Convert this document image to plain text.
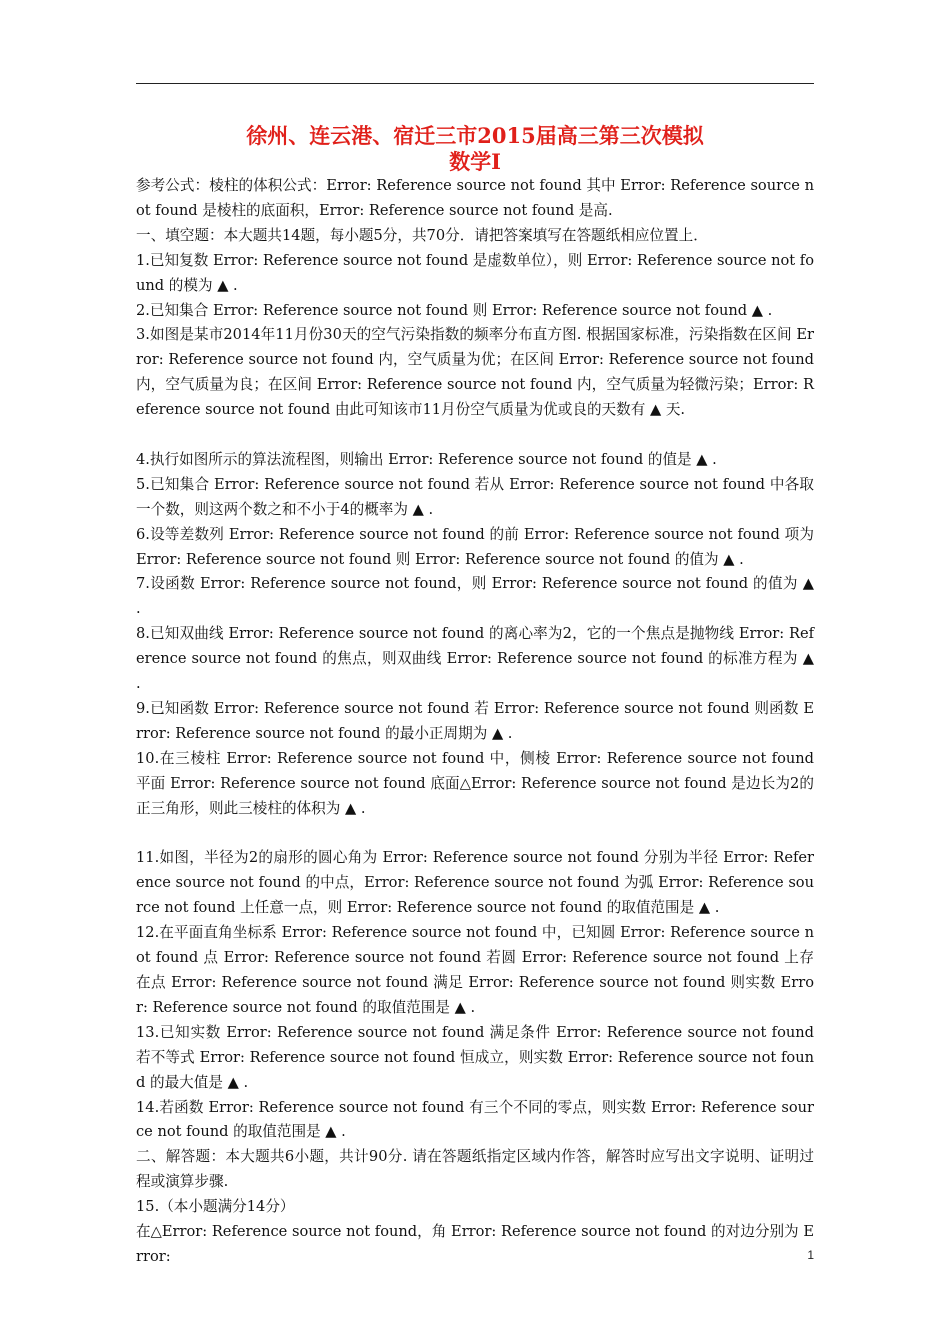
徐州、连云港、宿迁三市2015届高三第三次模拟
数学Ⅰ

参考公式：棱柱的体积公式：Error: Reference source not found 其中 Error: Reference source not found 是棱柱的底面积，Error: Reference source not found 是高.

一、填空题：本大题共14题，每小题5分，共70分．请把答案填写在答题纸相应位置上．

1.已知复数 Error: Reference source not found 是虚数单位），则 Error: Reference source not found 的模为 ▲ .

2.已知集合 Error: Reference source not found 则 Error: Reference source not found ▲ .

3.如图是某市2014年11月份30天的空气污染指数的频率分布直方图. 根据国家标准，污染指数在区间 Error: Reference source not found 内，空气质量为优；在区间 Error: Reference source not found 内，空气质量为良；在区间 Error: Reference source not found 内，空气质量为轻微污染；Error: Reference source not found 由此可知该市11月份空气质量为优或良的天数有 ▲ 天.

4.执行如图所示的算法流程图，则输出 Error: Reference source not found 的值是 ▲ .

5.已知集合 Error: Reference source not found 若从 Error: Reference source not found 中各取一个数，则这两个数之和不小于4的概率为 ▲ .

6.设等差数列 Error: Reference source not found 的前 Error: Reference source not found 项为 Error: Reference source not found 则 Error: Reference source not found 的值为 ▲ .

7.设函数 Error: Reference source not found，则 Error: Reference source not found 的值为 ▲ .

8.已知双曲线 Error: Reference source not found 的离心率为2，它的一个焦点是抛物线 Error: Reference source not found 的焦点，则双曲线 Error: Reference source not found 的标准方程为 ▲ .

9.已知函数 Error: Reference source not found 若 Error: Reference source not found 则函数 Error: Reference source not found 的最小正周期为 ▲ .

10.在三棱柱 Error: Reference source not found 中，侧棱 Error: Reference source not found 平面 Error: Reference source not found 底面△Error: Reference source not found 是边长为2的正三角形，则此三棱柱的体积为 ▲ .

11.如图，半径为2的扇形的圆心角为 Error: Reference source not found 分别为半径 Error: Reference source not found 的中点，Error: Reference source not found 为弧 Error: Reference source not found 上任意一点，则 Error: Reference source not found 的取值范围是 ▲ .

12.在平面直角坐标系 Error: Reference source not found 中，已知圆 Error: Reference source not found 点 Error: Reference source not found 若圆 Error: Reference source not found 上存在点 Error: Reference source not found 满足 Error: Reference source not found 则实数 Error: Reference source not found 的取值范围是 ▲ .

13.已知实数 Error: Reference source not found 满足条件 Error: Reference source not found 若不等式 Error: Reference source not found 恒成立，则实数 Error: Reference source not found 的最大值是 ▲ .

14.若函数 Error: Reference source not found 有三个不同的零点，则实数 Error: Reference source not found 的取值范围是 ▲ .

二、解答题：本大题共6小题，共计90分. 请在答题纸指定区域内作答，解答时应写出文字说明、证明过程或演算步骤.

15.（本小题满分14分）

在△Error: Reference source not found，角 Error: Reference source not found 的对边分别为 Error:	1
